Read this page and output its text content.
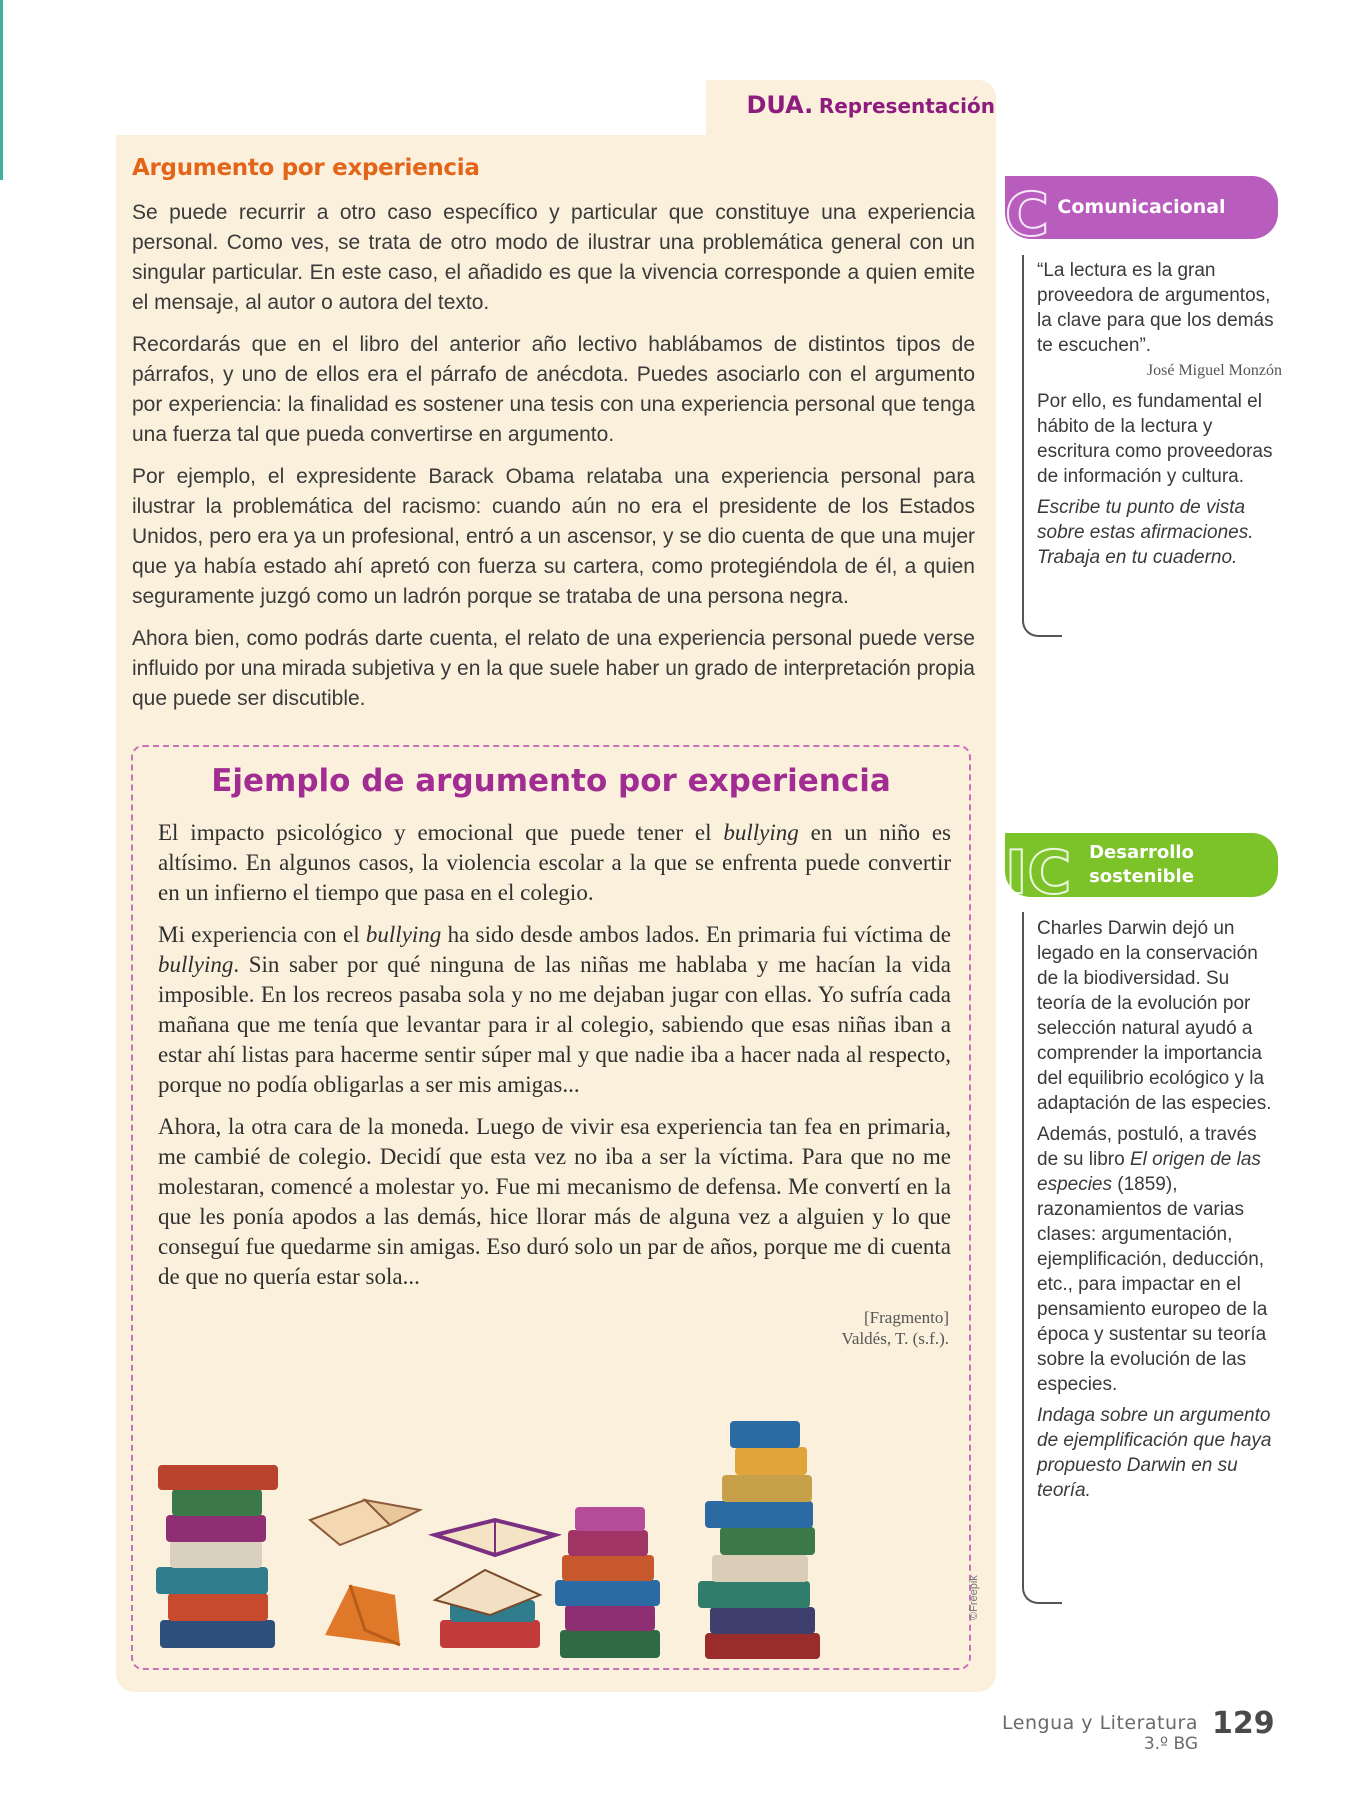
DUA. Representación
Argumento por experiencia

Se puede recurrir a otro caso específico y particular que constituye una experiencia personal. Como ves, se trata de otro modo de ilustrar una problemática general con un singular particular. En este caso, el añadido es que la vivencia corresponde a quien emite el mensaje, al autor o autora del texto.

Recordarás que en el libro del anterior año lectivo hablábamos de distintos tipos de párrafos, y uno de ellos era el párrafo de anécdota. Puedes asociarlo con el argumento por experiencia: la finalidad es sostener una tesis con una experiencia personal que tenga una fuerza tal que pueda convertirse en argumento.

Por ejemplo, el expresidente Barack Obama relataba una experiencia personal para ilustrar la problemática del racismo: cuando aún no era el presidente de los Estados Unidos, pero era ya un profesional, entró a un ascensor, y se dio cuenta de que una mujer que ya había estado ahí apretó con fuerza su cartera, como protegiéndola de él, a quien seguramente juzgó como un ladrón porque se trataba de una persona negra.

Ahora bien, como podrás darte cuenta, el relato de una experiencia personal puede verse influido por una mirada subjetiva y en la que suele haber un grado de interpretación propia que puede ser discutible.

Ejemplo de argumento por experiencia

El impacto psicológico y emocional que puede tener el bullying en un niño es altísimo. En algunos casos, la violencia escolar a la que se enfrenta puede convertir en un infierno el tiempo que pasa en el colegio.

Mi experiencia con el bullying ha sido desde ambos lados. En primaria fui víctima de bullying. Sin saber por qué ninguna de las niñas me hablaba y me hacían la vida imposible. En los recreos pasaba sola y no me dejaban jugar con ellas. Yo sufría cada mañana que me tenía que levantar para ir al colegio, sabiendo que esas niñas iban a estar ahí listas para hacerme sentir súper mal y que nadie iba a hacer nada al respecto, porque no podía obligarlas a ser mis amigas...

Ahora, la otra cara de la moneda. Luego de vivir esa experiencia tan fea en primaria, me cambié de colegio. Decidí que esta vez no iba a ser la víctima. Para que no me molestaran, comencé a molestar yo. Fue mi mecanismo de defensa. Me convertí en la que les ponía apodos a las demás, hice llorar más de alguna vez a alguien y lo que conseguí fue quedarme sin amigas. Eso duró solo un par de años, porque me di cuenta de que no quería estar sola...

[Fragmento]
Valdés, T. (s.f.).
©Freepik
Comunicacional
C

“La lectura es la gran proveedora de argumentos, la clave para que los demás te escuchen”.

José Miguel Monzón

Por ello, es fundamental el hábito de la lectura y escritura como proveedoras de información y cultura.

Escribe tu punto de vista sobre estas afirmaciones. Trabaja en tu cuaderno.

Desarrollo
sostenible
IC

Charles Darwin dejó un legado en la conservación de la biodiversidad. Su teoría de la evolución por selección natural ayudó a comprender la importancia del equilibrio ecológico y la adaptación de las especies.

Además, postuló, a través de su libro El origen de las especies (1859), razonamientos de varias clases: argumentación, ejemplificación, deducción, etc., para impactar en el pensamiento europeo de la época y sustentar su teoría sobre la evolución de las especies.

Indaga sobre un argumento de ejemplificación que haya propuesto Darwin en su teoría.

Lengua y Literatura
3.º BG
129
